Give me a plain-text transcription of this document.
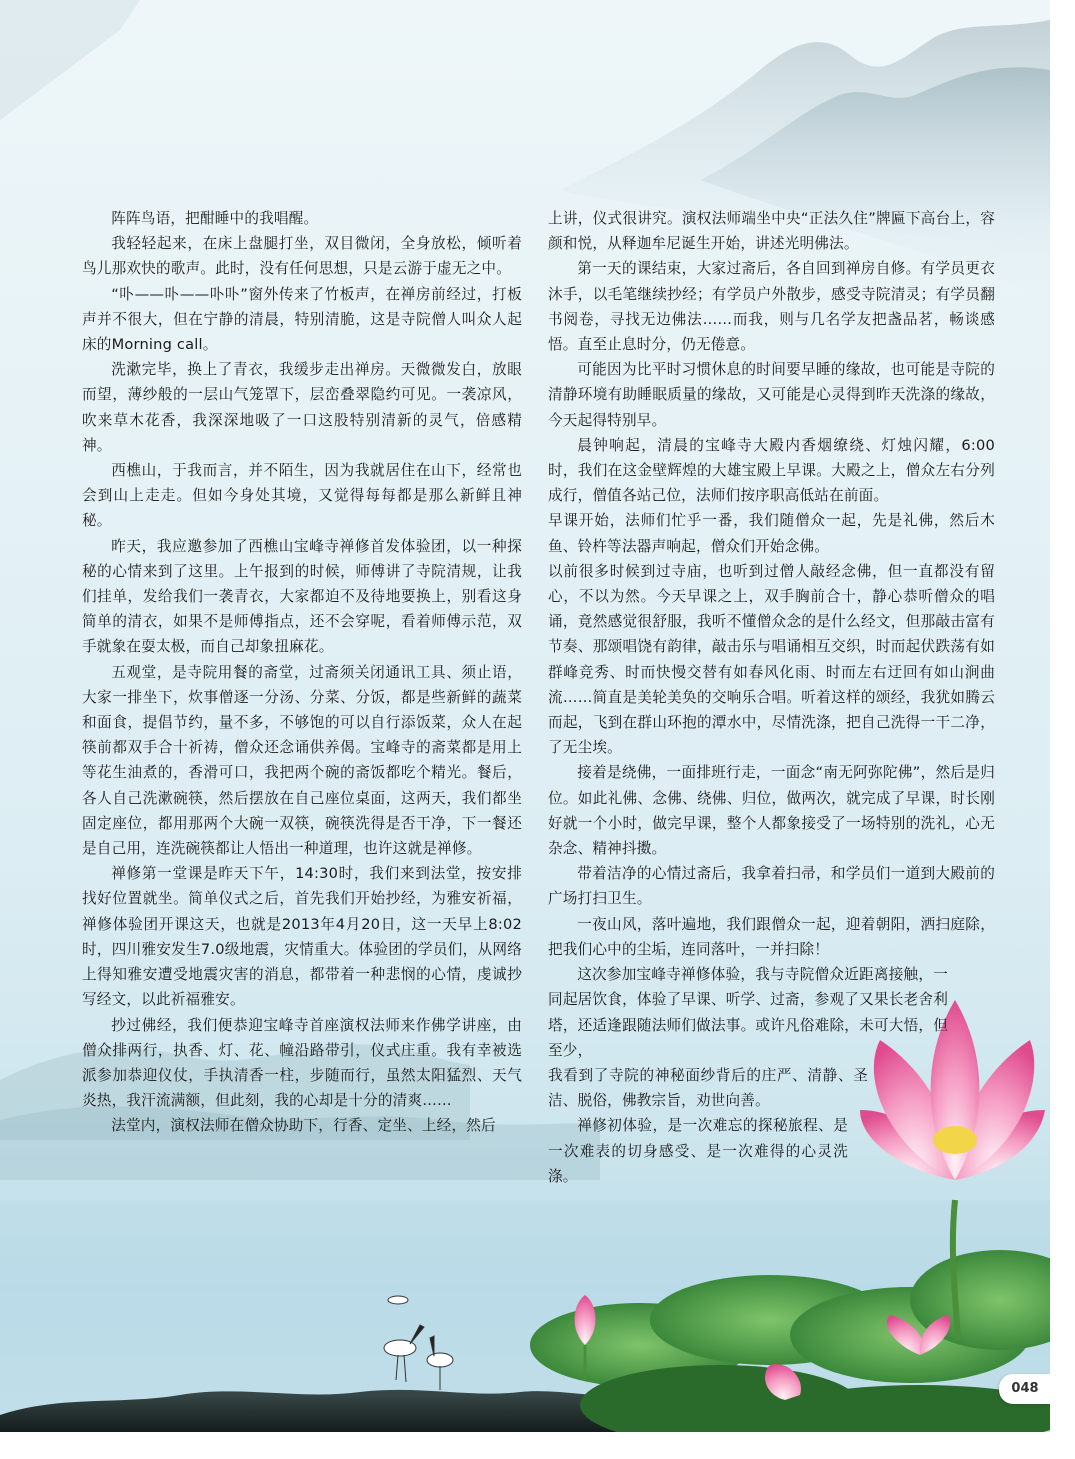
阵阵鸟语，把酣睡中的我唱醒。

我轻轻起来，在床上盘腿打坐，双目微闭，全身放松，倾听着鸟儿那欢快的歌声。此时，没有任何思想，只是云游于虚无之中。

“卟——卟——卟卟”窗外传来了竹板声，在禅房前经过，打板声并不很大，但在宁静的清晨，特别清脆，这是寺院僧人叫众人起床的Morning call。

洗漱完毕，换上了青衣，我缓步走出禅房。天微微发白，放眼而望，薄纱般的一层山气笼罩下，层峦叠翠隐约可见。一袭凉风，吹来草木花香，我深深地吸了一口这股特别清新的灵气，倍感精神。

西樵山，于我而言，并不陌生，因为我就居住在山下，经常也会到山上走走。但如今身处其境，又觉得每每都是那么新鲜且神秘。

昨天，我应邀参加了西樵山宝峰寺禅修首发体验团，以一种探秘的心情来到了这里。上午报到的时候，师傅讲了寺院清规，让我们挂单，发给我们一袭青衣，大家都迫不及待地要换上，别看这身简单的清衣，如果不是师傅指点，还不会穿呢，看着师傅示范，双手就象在耍太极，而自己却象扭麻花。

五观堂，是寺院用餐的斋堂，过斋须关闭通讯工具、须止语，大家一排坐下，炊事僧逐一分汤、分菜、分饭，都是些新鲜的蔬菜和面食，提倡节约，量不多，不够饱的可以自行添饭菜，众人在起筷前都双手合十祈祷，僧众还念诵供养偈。宝峰寺的斋菜都是用上等花生油煮的，香滑可口，我把两个碗的斋饭都吃个精光。餐后，各人自己洗漱碗筷，然后摆放在自己座位桌面，这两天，我们都坐固定座位，都用那两个大碗一双筷，碗筷洗得是否干净，下一餐还是自己用，连洗碗筷都让人悟出一种道理，也许这就是禅修。

禅修第一堂课是昨天下午，14:30时，我们来到法堂，按安排找好位置就坐。简单仪式之后，首先我们开始抄经，为雅安祈福，禅修体验团开课这天，也就是2013年4月20日，这一天早上8:02时，四川雅安发生7.0级地震，灾情重大。体验团的学员们，从网络上得知雅安遭受地震灾害的消息，都带着一种悲悯的心情，虔诚抄写经文，以此祈福雅安。

抄过佛经，我们便恭迎宝峰寺首座演权法师来作佛学讲座，由僧众排两行，执香、灯、花、幢沿路带引，仪式庄重。我有幸被选派参加恭迎仪仗，手执清香一柱，步随而行，虽然太阳猛烈、天气炎热，我汗流满额，但此刻，我的心却是十分的清爽……

法堂内，演权法师在僧众协助下，行香、定坐、上经，然后

上讲，仪式很讲究。演权法师端坐中央“正法久住”牌匾下高台上，容颜和悦，从释迦牟尼诞生开始，讲述光明佛法。

第一天的课结束，大家过斋后，各自回到禅房自修。有学员更衣沐手，以毛笔继续抄经；有学员户外散步，感受寺院清灵；有学员翻书阅卷，寻找无边佛法……而我，则与几名学友把盏品茗，畅谈感悟。直至止息时分，仍无倦意。

可能因为比平时习惯休息的时间要早睡的缘故，也可能是寺院的清静环境有助睡眠质量的缘故，又可能是心灵得到昨天洗涤的缘故，今天起得特别早。

晨钟响起，清晨的宝峰寺大殿内香烟缭绕、灯烛闪耀，6:00时，我们在这金壁辉煌的大雄宝殿上早课。大殿之上，僧众左右分列成行，僧值各站己位，法师们按序职高低站在前面。

早课开始，法师们忙乎一番，我们随僧众一起，先是礼佛，然后木鱼、铃杵等法器声响起，僧众们开始念佛。

以前很多时候到过寺庙，也听到过僧人敲经念佛，但一直都没有留心，不以为然。今天早课之上，双手胸前合十，静心恭听僧众的唱诵，竟然感觉很舒服，我听不懂僧众念的是什么经文，但那敲击富有节奏、那颂唱饶有韵律，敲击乐与唱诵相互交织，时而起伏跌荡有如群峰竞秀、时而快慢交替有如春风化雨、时而左右迂回有如山涧曲流……简直是美轮美奂的交响乐合唱。听着这样的颂经，我犹如腾云而起，飞到在群山环抱的潭水中，尽情洗涤，把自己洗得一干二净，了无尘埃。

接着是绕佛，一面排班行走，一面念“南无阿弥陀佛”，然后是归位。如此礼佛、念佛、绕佛、归位，做两次，就完成了早课，时长刚好就一个小时，做完早课，整个人都象接受了一场特别的洗礼，心无杂念、精神抖擞。

带着洁净的心情过斋后，我拿着扫帚，和学员们一道到大殿前的广场打扫卫生。

一夜山风，落叶遍地，我们跟僧众一起，迎着朝阳，洒扫庭除，把我们心中的尘垢，连同落叶，一并扫除！

这次参加宝峰寺禅修体验，我与寺院僧众近距离接触，一同起居饮食，体验了早课、听学、过斋，参观了又果长老舍利塔，还适逢跟随法师们做法事。或许凡俗难除，未可大悟，但至少，

我看到了寺院的神秘面纱背后的庄严、清静、圣洁、脱俗，佛教宗旨，劝世向善。

禅修初体验，是一次难忘的探秘旅程、是一次难表的切身感受、是一次难得的心灵洗涤。

048
